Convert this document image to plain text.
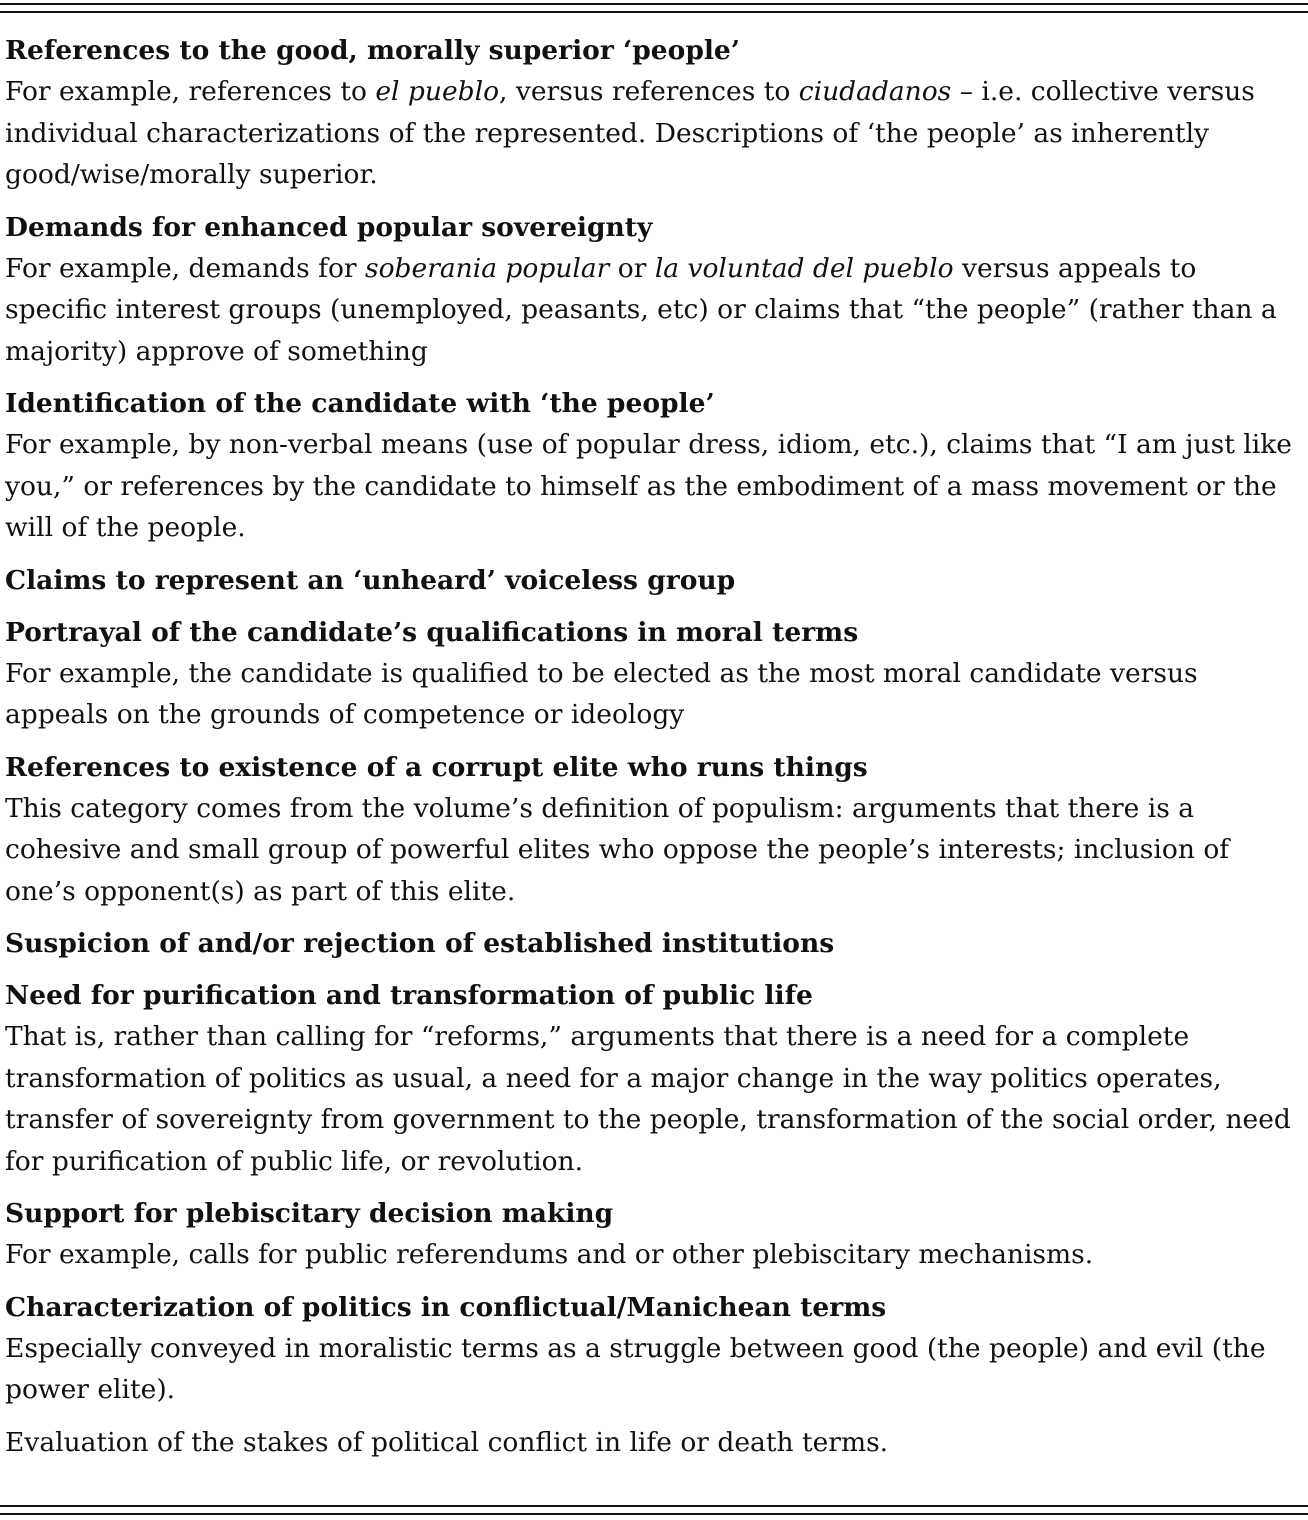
References to the good, morally superior ‘people’
For example, references to el pueblo, versus references to ciudadanos – i.e. collective versus individual characterizations of the represented. Descriptions of ‘the people’ as inherently good/wise/morally superior.
Demands for enhanced popular sovereignty
For example, demands for soberania popular or la voluntad del pueblo versus appeals to specific interest groups (unemployed, peasants, etc) or claims that “the people” (rather than a majority) approve of something
Identification of the candidate with ‘the people’
For example, by non-verbal means (use of popular dress, idiom, etc.), claims that “I am just like you,” or references by the candidate to himself as the embodiment of a mass movement or the will of the people.
Claims to represent an ‘unheard’ voiceless group
Portrayal of the candidate’s qualifications in moral terms
For example, the candidate is qualified to be elected as the most moral candidate versus appeals on the grounds of competence or ideology
References to existence of a corrupt elite who runs things
This category comes from the volume’s definition of populism: arguments that there is a cohesive and small group of powerful elites who oppose the people’s interests; inclusion of one’s opponent(s) as part of this elite.
Suspicion of and/or rejection of established institutions
Need for purification and transformation of public life
That is, rather than calling for “reforms,” arguments that there is a need for a complete transformation of politics as usual, a need for a major change in the way politics operates, transfer of sovereignty from government to the people, transformation of the social order, need for purification of public life, or revolution.
Support for plebiscitary decision making
For example, calls for public referendums and or other plebiscitary mechanisms.
Characterization of politics in conflictual/Manichean terms
Especially conveyed in moralistic terms as a struggle between good (the people) and evil (the power elite).
Evaluation of the stakes of political conflict in life or death terms.
